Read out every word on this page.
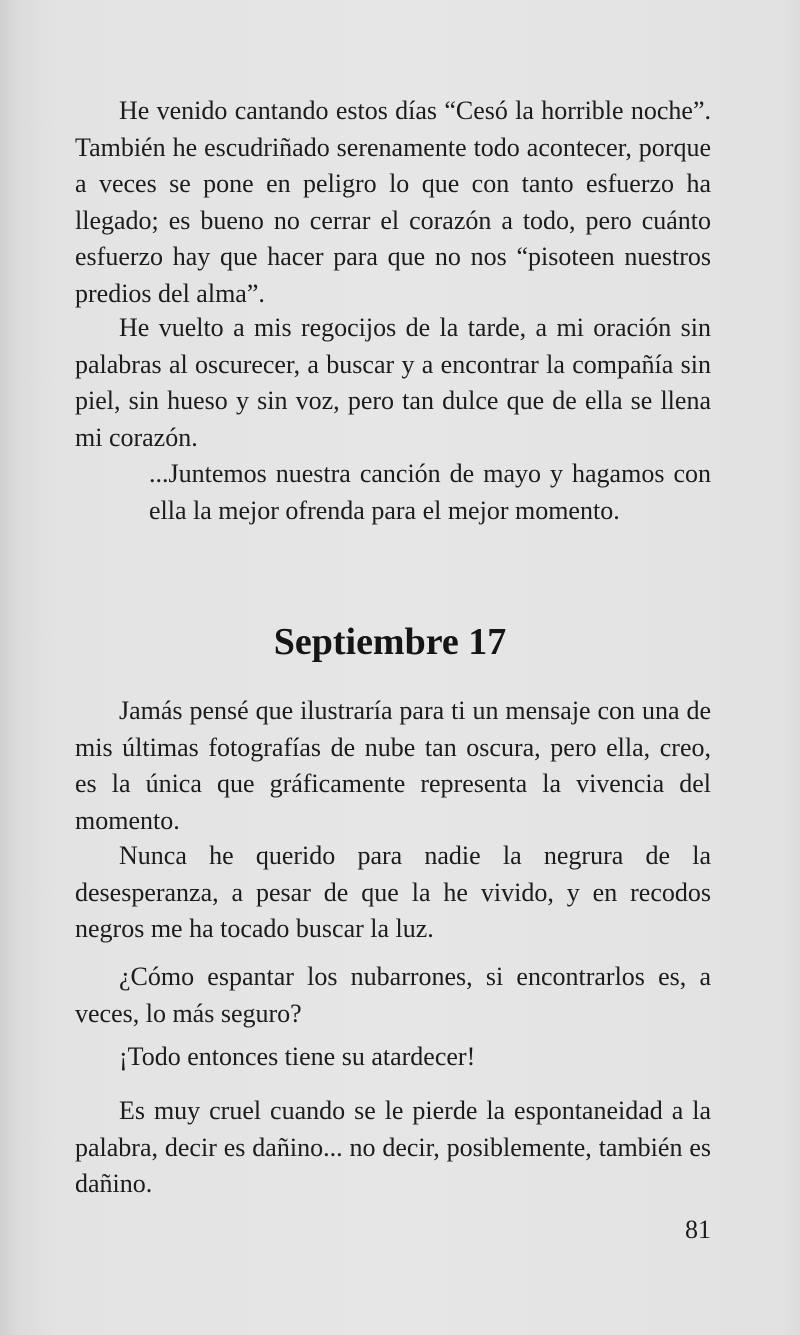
He venido cantando estos días “Cesó la horrible noche”. También he escudriñado serenamente todo acontecer, porque a veces se pone en peligro lo que con tanto esfuerzo ha llegado; es bueno no cerrar el corazón a todo, pero cuánto esfuerzo hay que hacer para que no nos “pisoteen nuestros predios del alma”.

He vuelto a mis regocijos de la tarde, a mi oración sin palabras al oscurecer, a buscar y a encontrar la compañía sin piel, sin hueso y sin voz, pero tan dulce que de ella se llena mi corazón.

...Juntemos nuestra canción de mayo y hagamos con ella la mejor ofrenda para el mejor momento.

Septiembre 17

Jamás pensé que ilustraría para ti un mensaje con una de mis últimas fotografías de nube tan oscura, pero ella, creo, es la única que gráficamente representa la vivencia del momento.

Nunca he querido para nadie la negrura de la desesperanza, a pesar de que la he vivido, y en recodos negros me ha tocado buscar la luz.

¿Cómo espantar los nubarrones, si encontrarlos es, a veces, lo más seguro?

¡Todo entonces tiene su atardecer!

Es muy cruel cuando se le pierde la espontaneidad a la palabra, decir es dañino... no decir, posiblemente, también es dañino.

81
